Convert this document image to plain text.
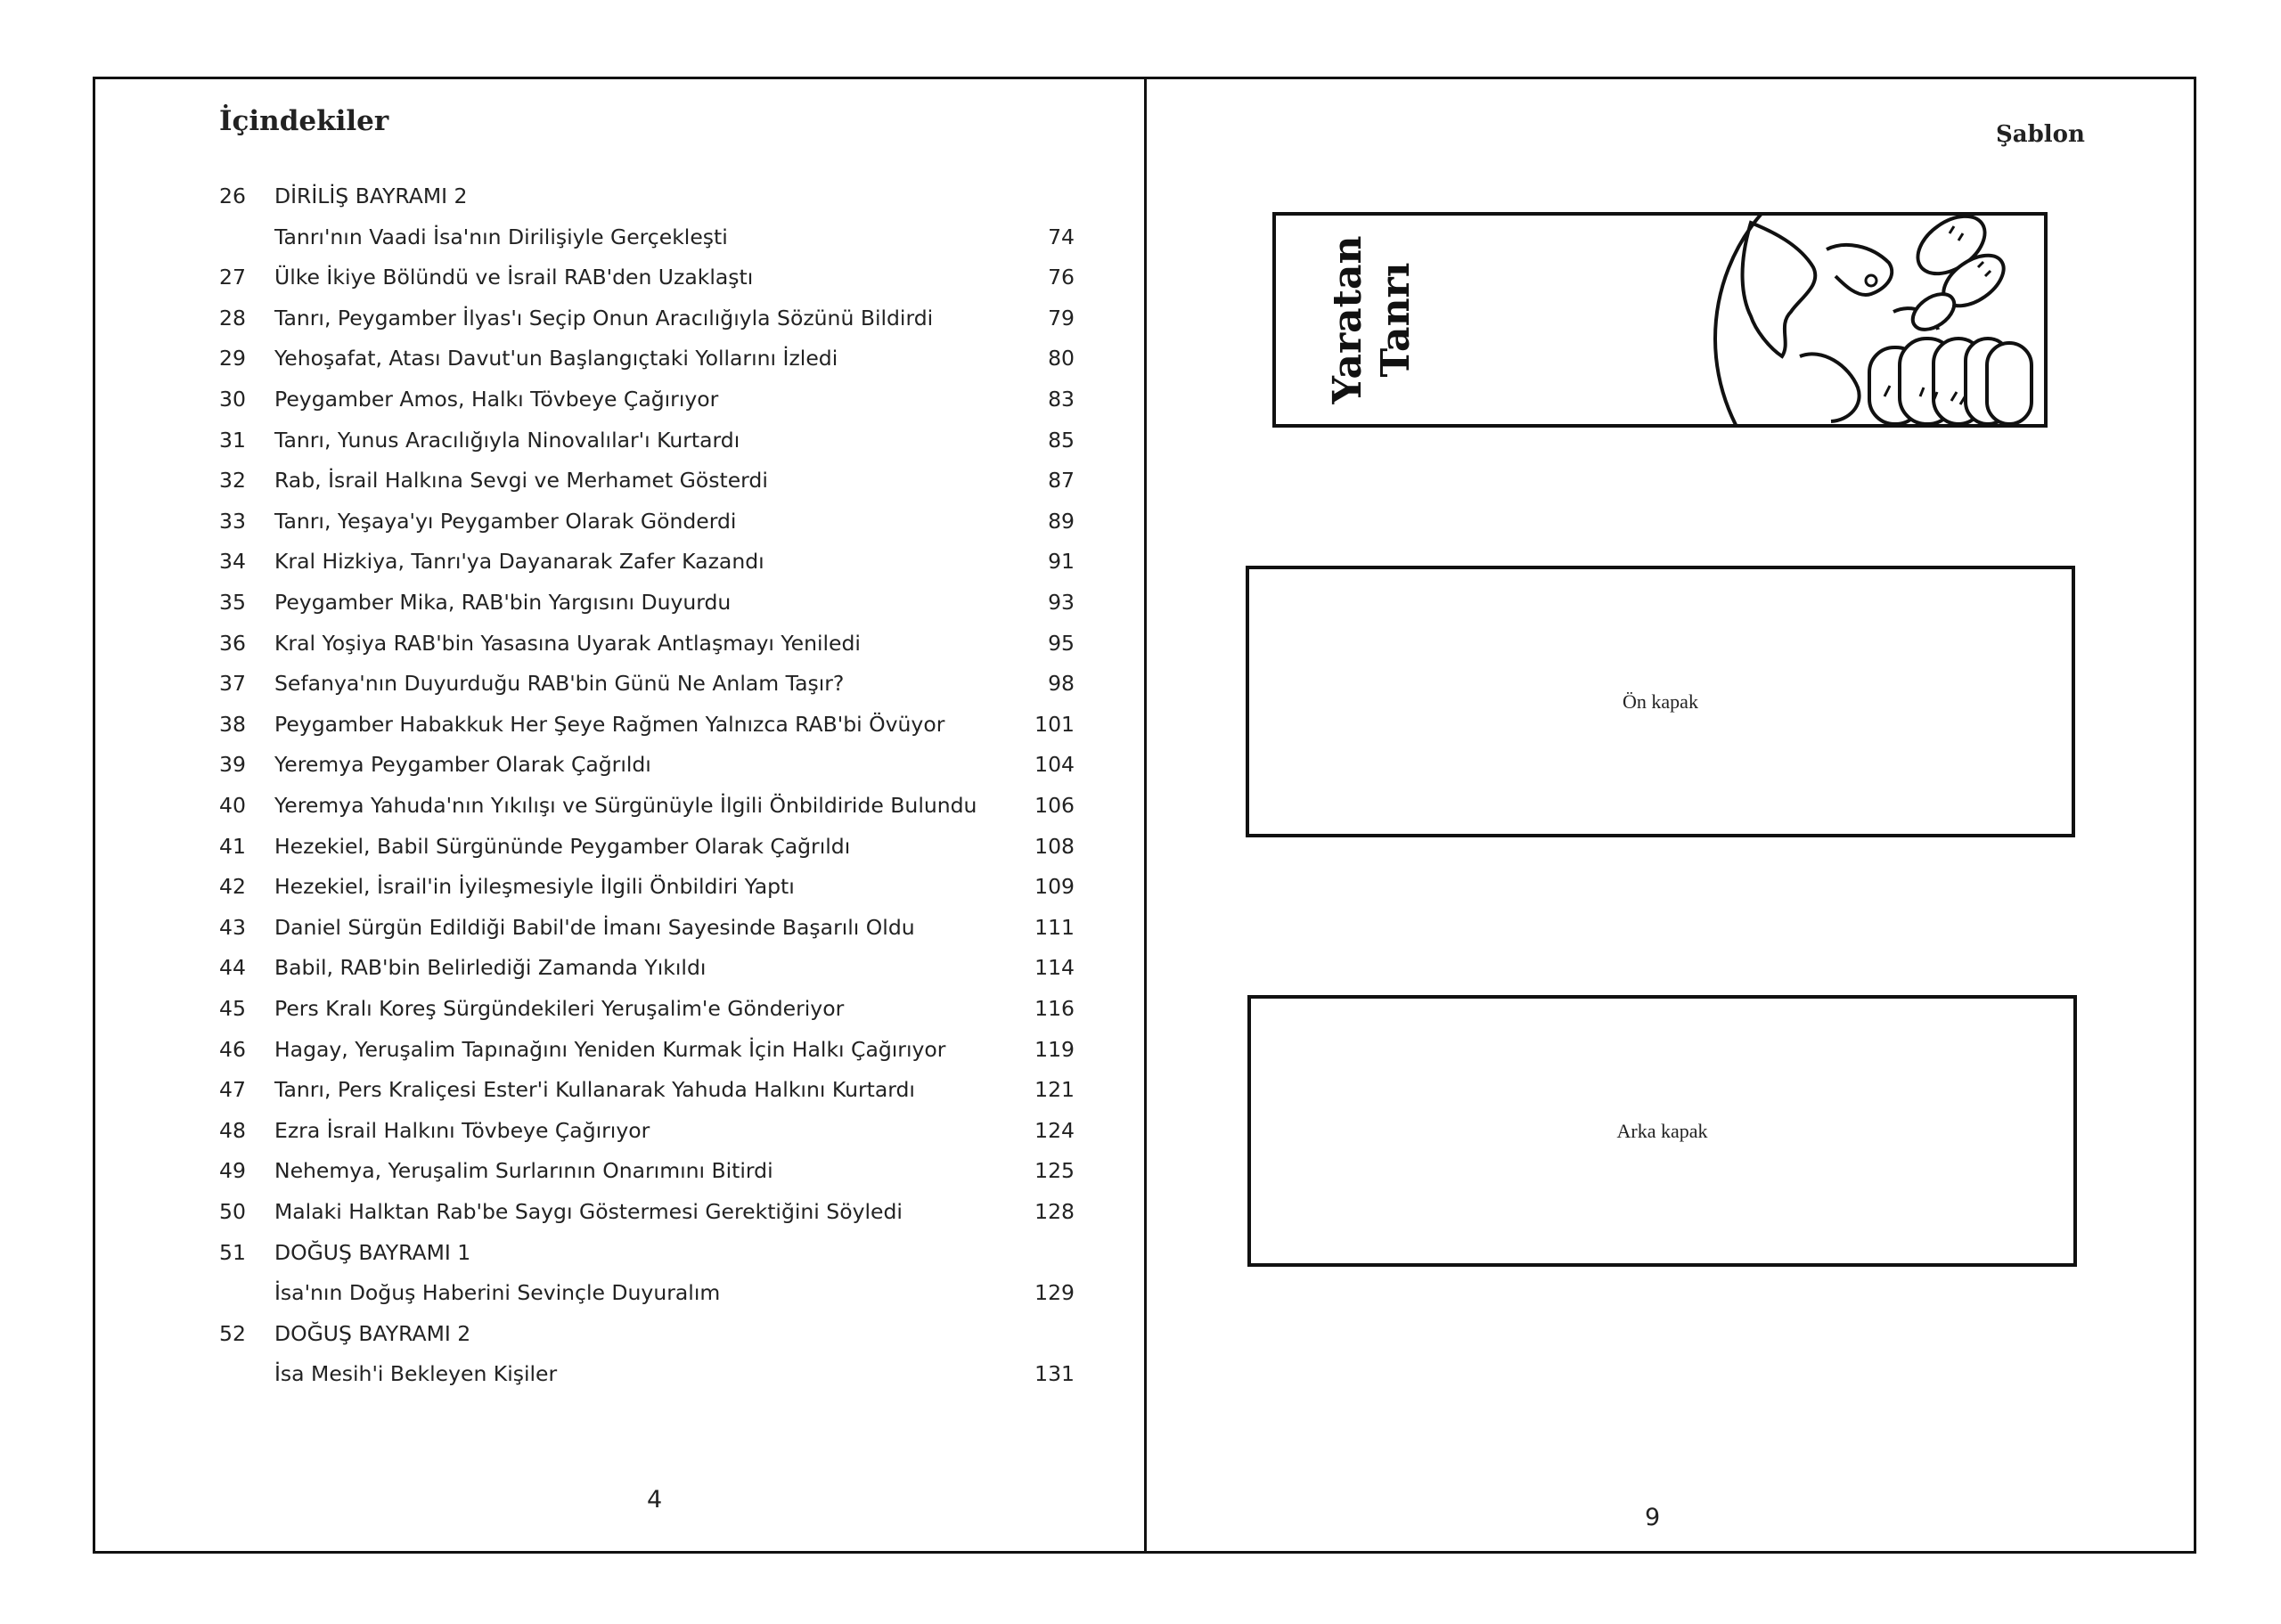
İçindekiler
26 DİRİLİŞ BAYRAMI 2
Tanrı'nın Vaadi İsa'nın Dirilişiyle Gerçekleşti	74
27 Ülke İkiye Bölündü ve İsrail RAB'den Uzaklaştı	76
28 Tanrı, Peygamber İlyas'ı Seçip Onun Aracılığıyla Sözünü Bildirdi	79
29 Yehoşafat, Atası Davut'un Başlangıçtaki Yollarını İzledi	80
30 Peygamber Amos, Halkı Tövbeye Çağırıyor	83
31 Tanrı, Yunus Aracılığıyla Ninovalılar'ı Kurtardı	85
32 Rab, İsrail Halkına Sevgi ve Merhamet Gösterdi	87
33 Tanrı, Yeşaya'yı Peygamber Olarak Gönderdi	89
34 Kral Hizkiya, Tanrı'ya Dayanarak Zafer Kazandı	91
35 Peygamber Mika, RAB'bin Yargısını Duyurdu	93
36 Kral Yoşiya RAB'bin Yasasına Uyarak Antlaşmayı Yeniledi	95
37 Sefanya'nın Duyurduğu RAB'bin Günü Ne Anlam Taşır?	98
38 Peygamber Habakkuk Her Şeye Rağmen Yalnızca RAB'bi Övüyor	101
39 Yeremya Peygamber Olarak Çağrıldı	104
40 Yeremya Yahuda'nın Yıkılışı ve Sürgünüyle İlgili Önbildiride Bulundu	106
41 Hezekiel, Babil Sürgününde Peygamber Olarak Çağrıldı	108
42 Hezekiel, İsrail'in İyileşmesiyle İlgili Önbildiri Yaptı	109
43 Daniel Sürgün Edildiği Babil'de İmanı Sayesinde Başarılı Oldu	111
44 Babil, RAB'bin Belirlediği Zamanda Yıkıldı	114
45 Pers Kralı Koreş Sürgündekileri Yeruşalim'e Gönderiyor	116
46 Hagay, Yeruşalim Tapınağını Yeniden Kurmak İçin Halkı Çağırıyor	119
47 Tanrı, Pers Kraliçesi Ester'i Kullanarak Yahuda Halkını Kurtardı	121
48 Ezra İsrail Halkını Tövbeye Çağırıyor	124
49 Nehemya, Yeruşalim Surlarının Onarımını Bitirdi	125
50 Malaki Halktan Rab'be Saygı Göstermesi Gerektiğini Söyledi	128
51 DOĞUŞ BAYRAMI 1
İsa'nın Doğuş Haberini Sevinçle Duyuralım	129
52 DOĞUŞ BAYRAMI 2
İsa Mesih'i Bekleyen Kişiler	131
4
Şablon
Yaratan Tanrı
Ön kapak
Arka kapak
9
